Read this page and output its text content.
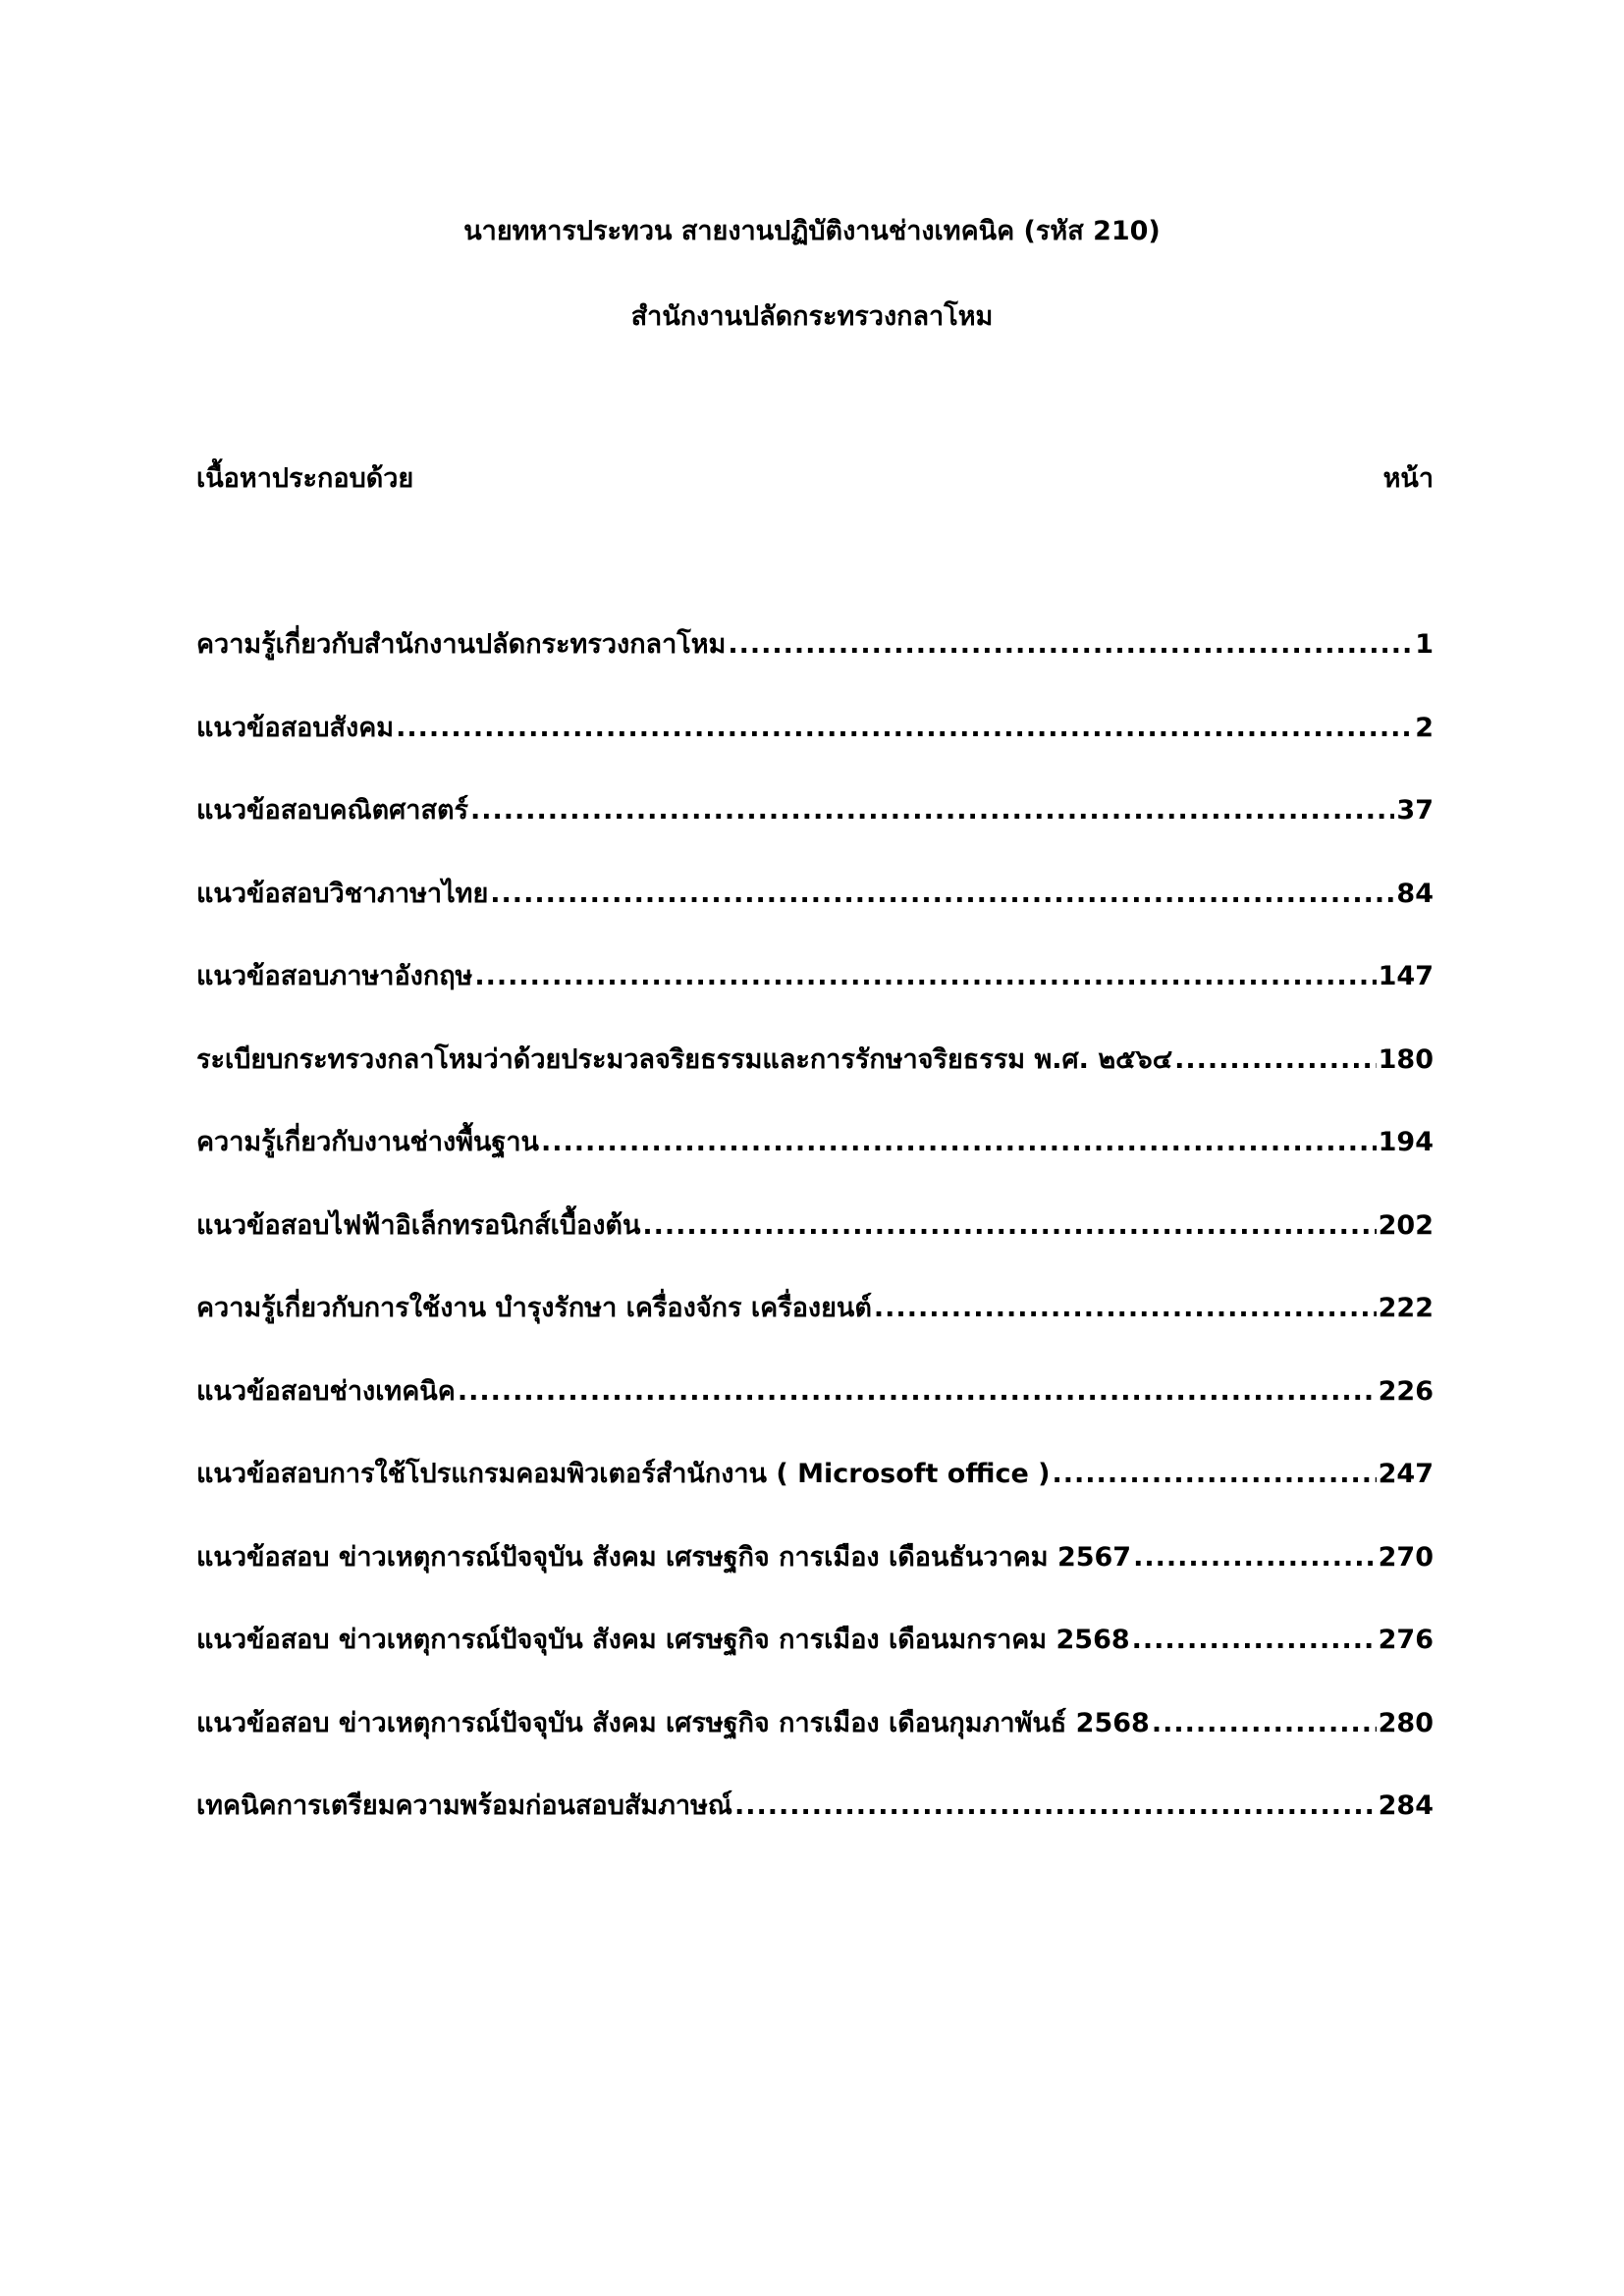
นายทหารประทวน สายงานปฏิบัติงานช่างเทคนิค (รหัส 210)
สำนักงานปลัดกระทรวงกลาโหม
เนื้อหาประกอบด้วย	หน้า
ความรู้เกี่ยวกับสำนักงานปลัดกระทรวงกลาโหม .....	1
แนวข้อสอบสังคม .....	2
แนวข้อสอบคณิตศาสตร์ .....	37
แนวข้อสอบวิชาภาษาไทย .....	84
แนวข้อสอบภาษาอังกฤษ .....	147
ระเบียบกระทรวงกลาโหมว่าด้วยประมวลจริยธรรมและการรักษาจริยธรรม พ.ศ. ๒๕๖๔ .....	180
ความรู้เกี่ยวกับงานช่างพื้นฐาน .....	194
แนวข้อสอบไฟฟ้าอิเล็กทรอนิกส์เบื้องต้น .....	202
ความรู้เกี่ยวกับการใช้งาน บำรุงรักษา เครื่องจักร เครื่องยนต์ .....	222
แนวข้อสอบช่างเทคนิค .....	226
แนวข้อสอบการใช้โปรแกรมคอมพิวเตอร์สำนักงาน ( Microsoft office ) .....	247
แนวข้อสอบ ข่าวเหตุการณ์ปัจจุบัน สังคม เศรษฐกิจ การเมือง เดือนธันวาคม 2567 .....	270
แนวข้อสอบ ข่าวเหตุการณ์ปัจจุบัน สังคม เศรษฐกิจ การเมือง เดือนมกราคม 2568 .....	276
แนวข้อสอบ ข่าวเหตุการณ์ปัจจุบัน สังคม เศรษฐกิจ การเมือง เดือนกุมภาพันธ์ 2568 .....	280
เทคนิคการเตรียมความพร้อมก่อนสอบสัมภาษณ์ .....	284
